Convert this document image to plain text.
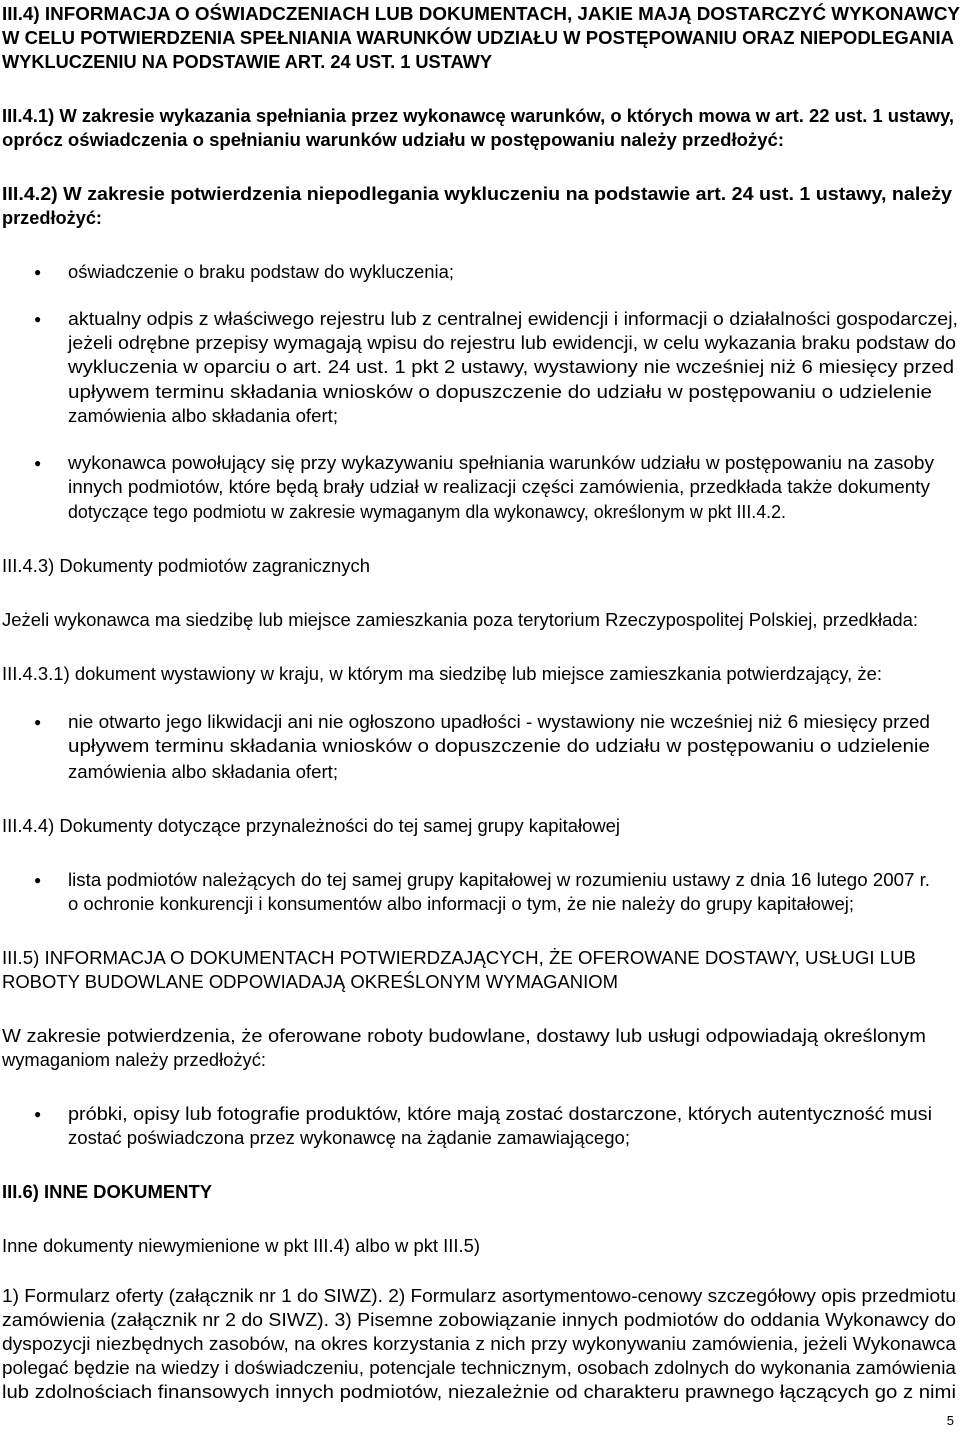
III.4) INFORMACJA O OŚWIADCZENIACH LUB DOKUMENTACH, JAKIE MAJĄ DOSTARCZYĆ WYKONAWCY
W CELU POTWIERDZENIA SPEŁNIANIA WARUNKÓW UDZIAŁU W POSTĘPOWANIU ORAZ NIEPODLEGANIA
WYKLUCZENIU NA PODSTAWIE ART. 24 UST. 1 USTAWY
III.4.1) W zakresie wykazania spełniania przez wykonawcę warunków, o których mowa w art. 22 ust. 1 ustawy,
oprócz oświadczenia o spełnianiu warunków udziału w postępowaniu należy przedłożyć:
III.4.2) W zakresie potwierdzenia niepodlegania wykluczeniu na podstawie art. 24 ust. 1 ustawy, należy
przedłożyć:
● oświadczenie o braku podstaw do wykluczenia;
● aktualny odpis z właściwego rejestru lub z centralnej ewidencji i informacji o działalności gospodarczej,
jeżeli odrębne przepisy wymagają wpisu do rejestru lub ewidencji, w celu wykazania braku podstaw do
wykluczenia w oparciu o art. 24 ust. 1 pkt 2 ustawy, wystawiony nie wcześniej niż 6 miesięcy przed
upływem terminu składania wniosków o dopuszczenie do udziału w postępowaniu o udzielenie
zamówienia albo składania ofert;
● wykonawca powołujący się przy wykazywaniu spełniania warunków udziału w postępowaniu na zasoby
innych podmiotów, które będą brały udział w realizacji części zamówienia, przedkłada także dokumenty
dotyczące tego podmiotu w zakresie wymaganym dla wykonawcy, określonym w pkt III.4.2.
III.4.3) Dokumenty podmiotów zagranicznych
Jeżeli wykonawca ma siedzibę lub miejsce zamieszkania poza terytorium Rzeczypospolitej Polskiej, przedkłada:
III.4.3.1) dokument wystawiony w kraju, w którym ma siedzibę lub miejsce zamieszkania potwierdzający, że:
● nie otwarto jego likwidacji ani nie ogłoszono upadłości - wystawiony nie wcześniej niż 6 miesięcy przed
upływem terminu składania wniosków o dopuszczenie do udziału w postępowaniu o udzielenie
zamówienia albo składania ofert;
III.4.4) Dokumenty dotyczące przynależności do tej samej grupy kapitałowej
● lista podmiotów należących do tej samej grupy kapitałowej w rozumieniu ustawy z dnia 16 lutego 2007 r.
o ochronie konkurencji i konsumentów albo informacji o tym, że nie należy do grupy kapitałowej;
III.5) INFORMACJA O DOKUMENTACH POTWIERDZAJĄCYCH, ŻE OFEROWANE DOSTAWY, USŁUGI LUB
ROBOTY BUDOWLANE ODPOWIADAJĄ OKREŚLONYM WYMAGANIOM
W zakresie potwierdzenia, że oferowane roboty budowlane, dostawy lub usługi odpowiadają określonym
wymaganiom należy przedłożyć:
● próbki, opisy lub fotografie produktów, które mają zostać dostarczone, których autentyczność musi
zostać poświadczona przez wykonawcę na żądanie zamawiającego;
III.6) INNE DOKUMENTY
Inne dokumenty niewymienione w pkt III.4) albo w pkt III.5)
1) Formularz oferty (załącznik nr 1 do SIWZ). 2) Formularz asortymentowo-cenowy szczegółowy opis przedmiotu
zamówienia (załącznik nr 2 do SIWZ). 3) Pisemne zobowiązanie innych podmiotów do oddania Wykonawcy do
dyspozycji niezbędnych zasobów, na okres korzystania z nich przy wykonywaniu zamówienia, jeżeli Wykonawca
polegać będzie na wiedzy i doświadczeniu, potencjale technicznym, osobach zdolnych do wykonania zamówienia
lub zdolnościach finansowych innych podmiotów, niezależnie od charakteru prawnego łączących go z nimi
5
